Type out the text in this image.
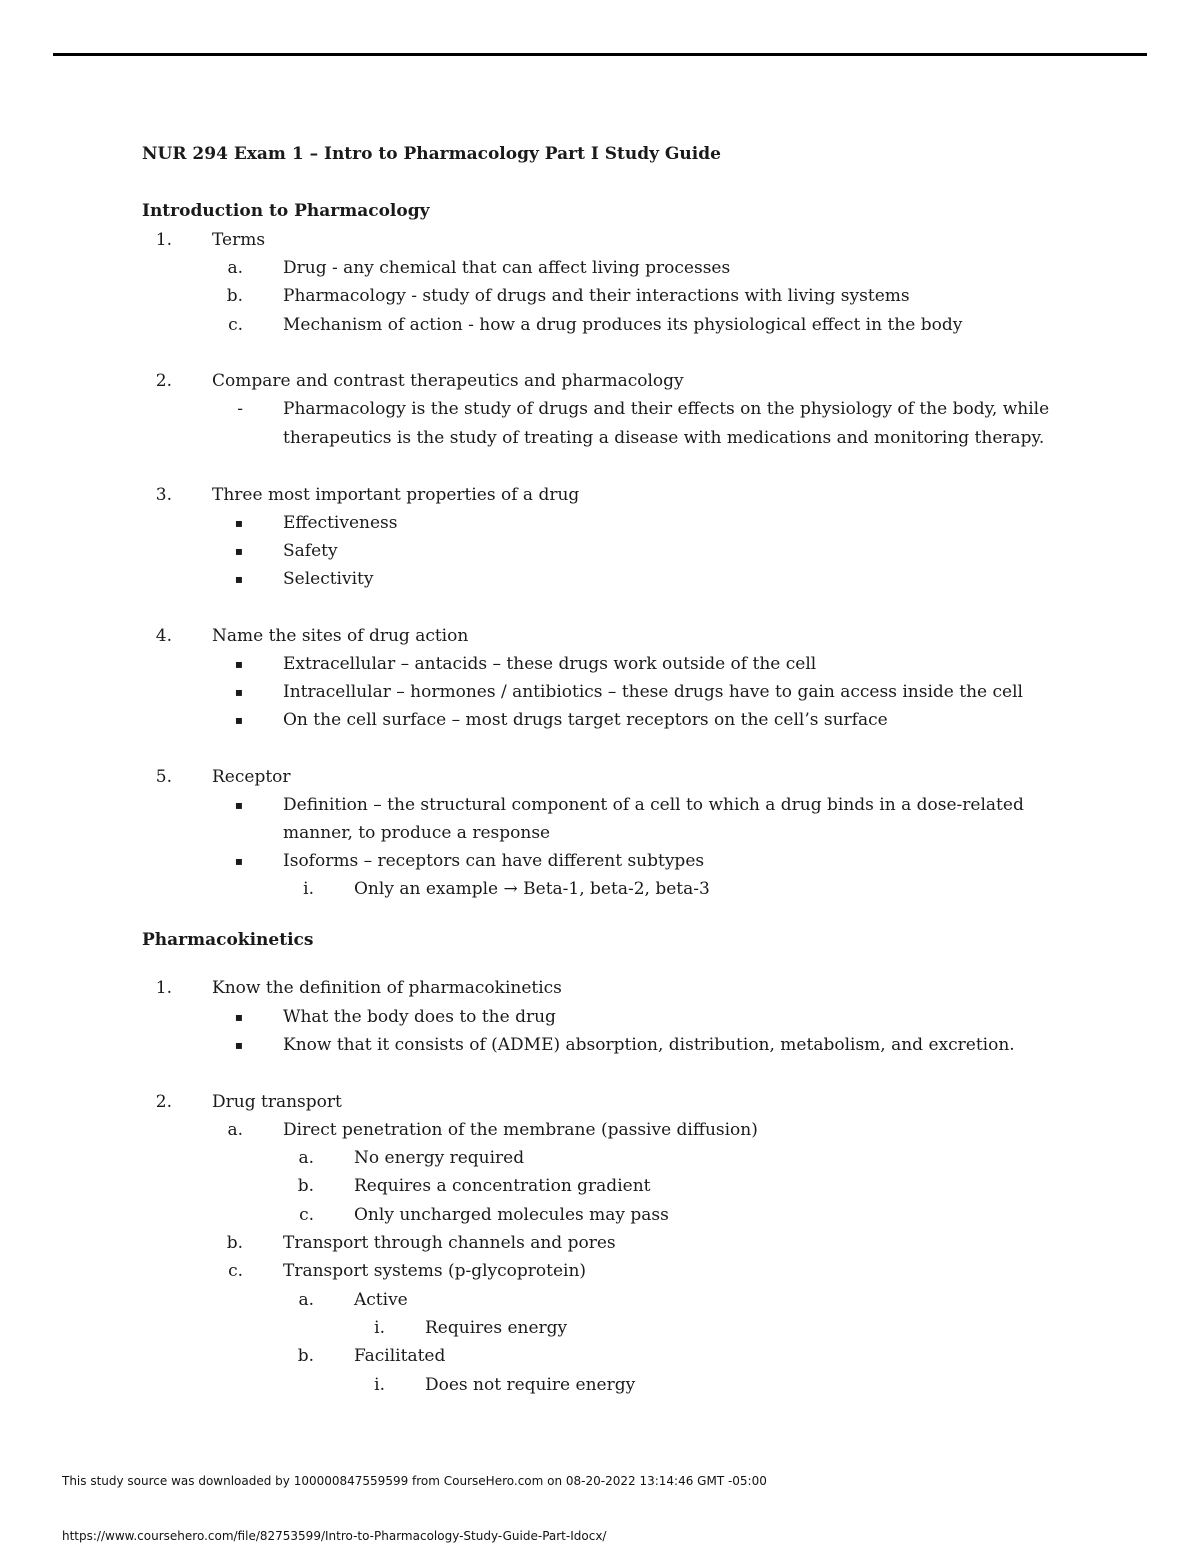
NUR 294 Exam 1 – Intro to Pharmacology Part I Study Guide
Introduction to Pharmacology
1. Terms
a. Drug - any chemical that can affect living processes
b. Pharmacology - study of drugs and their interactions with living systems
c. Mechanism of action - how a drug produces its physiological effect in the body
2. Compare and contrast therapeutics and pharmacology
- Pharmacology is the study of drugs and their effects on the physiology of the body, while
therapeutics is the study of treating a disease with medications and monitoring therapy.
3. Three most important properties of a drug
▪ Effectiveness
▪ Safety
▪ Selectivity
4. Name the sites of drug action
▪ Extracellular – antacids – these drugs work outside of the cell
▪ Intracellular – hormones / antibiotics – these drugs have to gain access inside the cell
▪ On the cell surface – most drugs target receptors on the cell’s surface
5. Receptor
▪ Definition – the structural component of a cell to which a drug binds in a dose-related
manner, to produce a response
▪ Isoforms – receptors can have different subtypes
i. Only an example → Beta-1, beta-2, beta-3
Pharmacokinetics
1. Know the definition of pharmacokinetics
▪ What the body does to the drug
▪ Know that it consists of (ADME) absorption, distribution, metabolism, and excretion.
2. Drug transport
a. Direct penetration of the membrane (passive diffusion)
a. No energy required
b. Requires a concentration gradient
c. Only uncharged molecules may pass
b. Transport through channels and pores
c. Transport systems (p-glycoprotein)
a. Active
i. Requires energy
b. Facilitated
i. Does not require energy
This study source was downloaded by 100000847559599 from CourseHero.com on 08-20-2022 13:14:46 GMT -05:00
https://www.coursehero.com/file/82753599/Intro-to-Pharmacology-Study-Guide-Part-Idocx/
